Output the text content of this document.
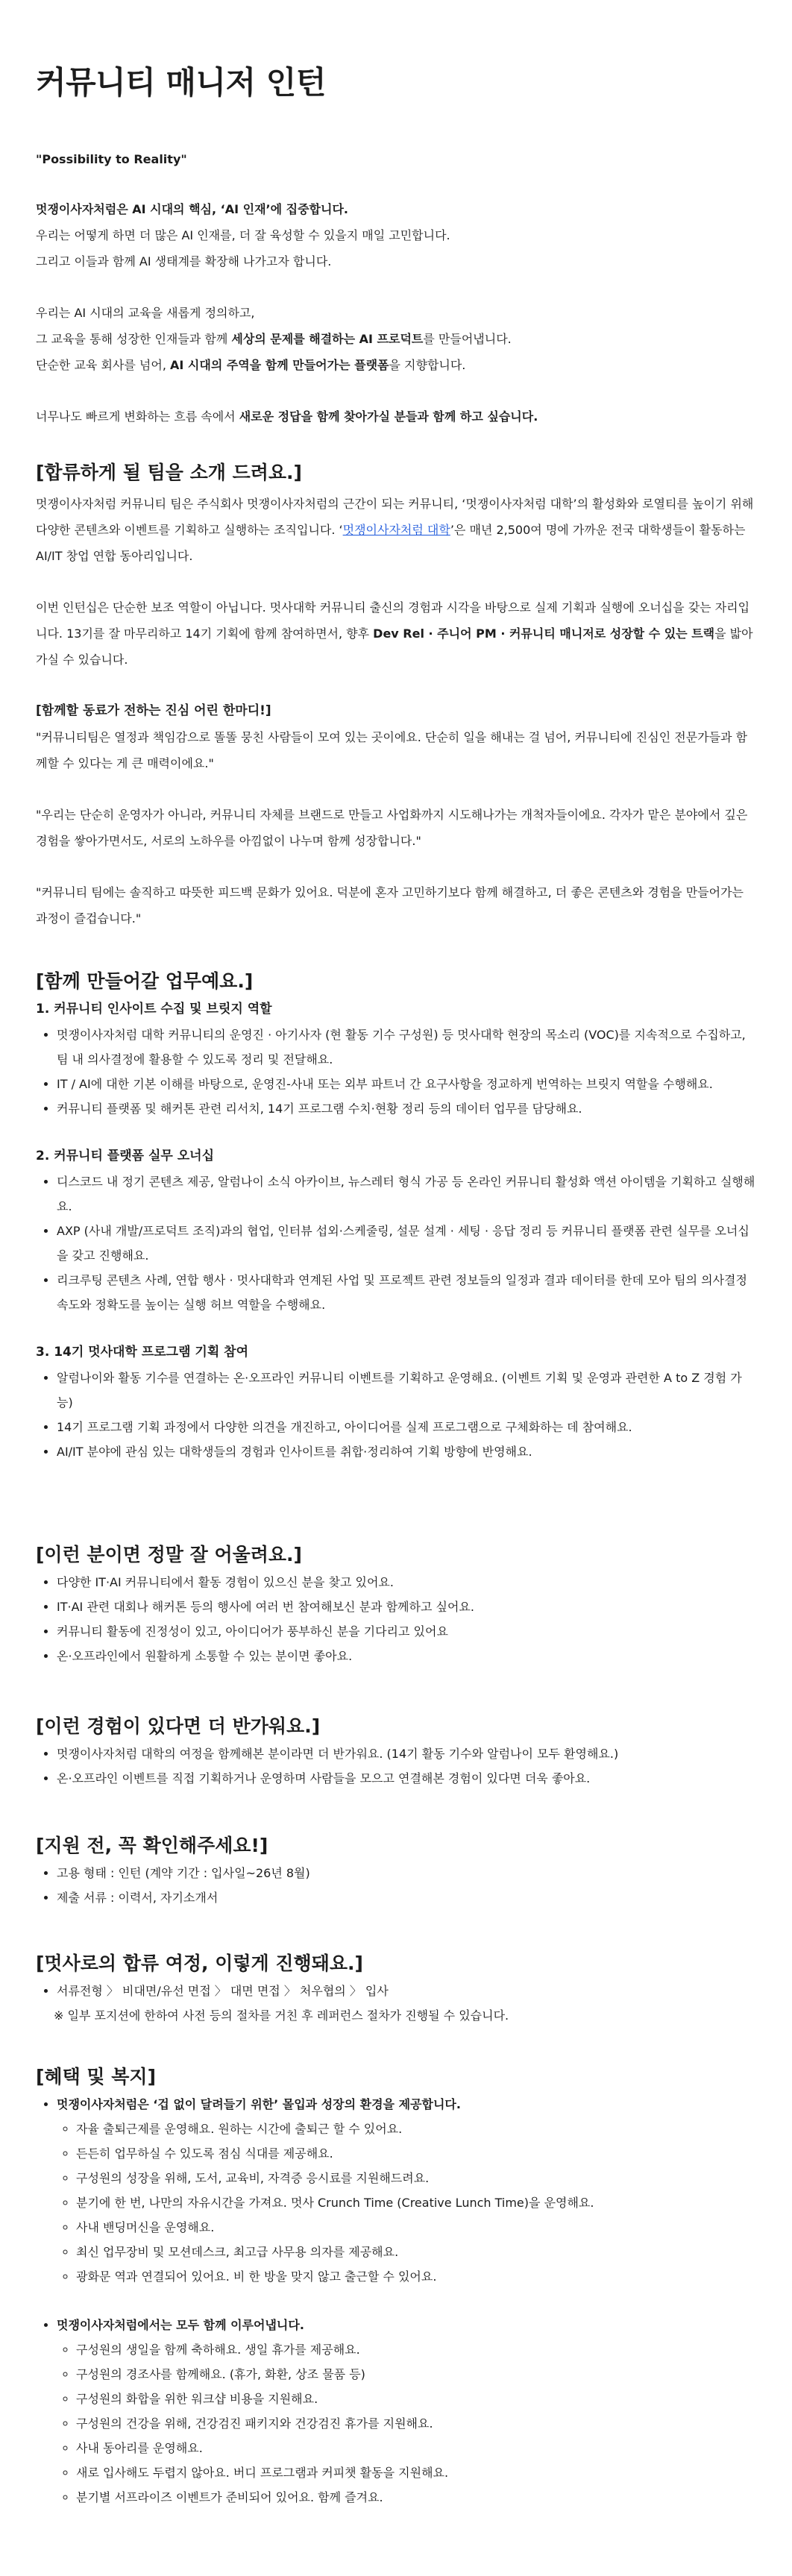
커뮤니티 매니저 인턴

"Possibility to Reality"

멋쟁이사자처럼은 AI 시대의 핵심, ‘AI 인재’에 집중합니다.

우리는 어떻게 하면 더 많은 AI 인재를, 더 잘 육성할 수 있을지 매일 고민합니다.

그리고 이들과 함께 AI 생태계를 확장해 나가고자 합니다.

우리는 AI 시대의 교육을 새롭게 정의하고,

그 교육을 통해 성장한 인재들과 함께 세상의 문제를 해결하는 AI 프로덕트를 만들어냅니다.

단순한 교육 회사를 넘어, AI 시대의 주역을 함께 만들어가는 플랫폼을 지향합니다.

너무나도 빠르게 변화하는 흐름 속에서 새로운 정답을 함께 찾아가실 분들과 함께 하고 싶습니다.

[합류하게 될 팀을 소개 드려요.]

멋쟁이사자처럼 커뮤니티 팀은 주식회사 멋쟁이사자처럼의 근간이 되는 커뮤니티, ‘멋쟁이사자처럼 대학’의 활성화와 로열티를 높이기 위해 다양한 콘텐츠와 이벤트를 기획하고 실행하는 조직입니다. ‘멋쟁이사자처럼 대학’은 매년 2,500여 명에 가까운 전국 대학생들이 활동하는 AI/IT 창업 연합 동아리입니다.

이번 인턴십은 단순한 보조 역할이 아닙니다. 멋사대학 커뮤니티 출신의 경험과 시각을 바탕으로 실제 기획과 실행에 오너십을 갖는 자리입니다. 13기를 잘 마무리하고 14기 기획에 함께 참여하면서, 향후 Dev Rel · 주니어 PM · 커뮤니티 매니저로 성장할 수 있는 트랙을 밟아가실 수 있습니다.

[함께할 동료가 전하는 진심 어린 한마디!]

"커뮤니티팀은 열정과 책임감으로 똘똘 뭉친 사람들이 모여 있는 곳이에요. 단순히 일을 해내는 걸 넘어, 커뮤니티에 진심인 전문가들과 함께할 수 있다는 게 큰 매력이에요."

"우리는 단순히 운영자가 아니라, 커뮤니티 자체를 브랜드로 만들고 사업화까지 시도해나가는 개척자들이에요. 각자가 맡은 분야에서 깊은 경험을 쌓아가면서도, 서로의 노하우를 아낌없이 나누며 함께 성장합니다."

"커뮤니티 팀에는 솔직하고 따뜻한 피드백 문화가 있어요. 덕분에 혼자 고민하기보다 함께 해결하고, 더 좋은 콘텐츠와 경험을 만들어가는 과정이 즐겁습니다."

[함께 만들어갈 업무예요.]

1. 커뮤니티 인사이트 수집 및 브릿지 역할

• 멋쟁이사자처럼 대학 커뮤니티의 운영진 · 아기사자 (현 활동 기수 구성원) 등 멋사대학 현장의 목소리 (VOC)를 지속적으로 수집하고, 팀 내 의사결정에 활용할 수 있도록 정리 및 전달해요.
• IT / AI에 대한 기본 이해를 바탕으로, 운영진-사내 또는 외부 파트너 간 요구사항을 정교하게 번역하는 브릿지 역할을 수행해요.
• 커뮤니티 플랫폼 및 해커톤 관련 리서치, 14기 프로그램 수치·현황 정리 등의 데이터 업무를 담당해요.

2. 커뮤니티 플랫폼 실무 오너십

• 디스코드 내 정기 콘텐츠 제공, 알럼나이 소식 아카이브, 뉴스레터 형식 가공 등 온라인 커뮤니티 활성화 액션 아이템을 기획하고 실행해요.
• AXP (사내 개발/프로덕트 조직)과의 협업, 인터뷰 섭외·스케줄링, 설문 설계 · 세팅 · 응답 정리 등 커뮤니티 플랫폼 관련 실무를 오너십을 갖고 진행해요.
• 리크루팅 콘텐츠 사례, 연합 행사 · 멋사대학과 연계된 사업 및 프로젝트 관련 정보들의 일정과 결과 데이터를 한데 모아 팀의 의사결정 속도와 정확도를 높이는 실행 허브 역할을 수행해요.

3. 14기 멋사대학 프로그램 기획 참여

• 알럼나이와 활동 기수를 연결하는 온·오프라인 커뮤니티 이벤트를 기획하고 운영해요. (이벤트 기획 및 운영과 관련한 A to Z 경험 가능)
• 14기 프로그램 기획 과정에서 다양한 의견을 개진하고, 아이디어를 실제 프로그램으로 구체화하는 데 참여해요.
• AI/IT 분야에 관심 있는 대학생들의 경험과 인사이트를 취합·정리하여 기획 방향에 반영해요.
[이런 분이면 정말 잘 어울려요.]
• 다양한 IT·AI 커뮤니티에서 활동 경험이 있으신 분을 찾고 있어요.
• IT·AI 관련 대회나 해커톤 등의 행사에 여러 번 참여해보신 분과 함께하고 싶어요.
• 커뮤니티 활동에 진정성이 있고, 아이디어가 풍부하신 분을 기다리고 있어요
• 온·오프라인에서 원활하게 소통할 수 있는 분이면 좋아요.
[이런 경험이 있다면 더 반가워요.]
• 멋쟁이사자처럼 대학의 여정을 함께해본 분이라면 더 반가워요. (14기 활동 기수와 알럼나이 모두 환영해요.)
• 온·오프라인 이벤트를 직접 기획하거나 운영하며 사람들을 모으고 연결해본 경험이 있다면 더욱 좋아요.
[지원 전, 꼭 확인해주세요!]
• 고용 형태 : 인턴 (계약 기간 : 입사일~26년 8월)
• 제출 서류 : 이력서, 자기소개서
[멋사로의 합류 여정, 이렇게 진행돼요.]
• 서류전형 〉 비대면/유선 면접 〉 대면 면접 〉 처우협의 〉 입사
※ 일부 포지션에 한하여 사전 등의 절차를 거친 후 레퍼런스 절차가 진행될 수 있습니다.
[혜택 및 복지]
• 멋쟁이사자처럼은 ‘겁 없이 달려들기 위한’ 몰입과 성장의 환경을 제공합니다.
◦ 자율 출퇴근제를 운영해요. 원하는 시간에 출퇴근 할 수 있어요.
◦ 든든히 업무하실 수 있도록 점심 식대를 제공해요.
◦ 구성원의 성장을 위해, 도서, 교육비, 자격증 응시료를 지원해드려요.
◦ 분기에 한 번, 나만의 자유시간을 가져요. 멋사 Crunch Time (Creative Lunch Time)을 운영해요.
◦ 사내 밴딩머신을 운영해요.
◦ 최신 업무장비 및 모션데스크, 최고급 사무용 의자를 제공해요.
◦ 광화문 역과 연결되어 있어요. 비 한 방울 맞지 않고 출근할 수 있어요.
• 멋쟁이사자처럼에서는 모두 함께 이루어냅니다.
◦ 구성원의 생일을 함께 축하해요. 생일 휴가를 제공해요.
◦ 구성원의 경조사를 함께해요. (휴가, 화환, 상조 물품 등)
◦ 구성원의 화합을 위한 워크샵 비용을 지원해요.
◦ 구성원의 건강을 위해, 건강검진 패키지와 건강검진 휴가를 지원해요.
◦ 사내 동아리를 운영해요.
◦ 새로 입사해도 두렵지 않아요. 버디 프로그램과 커피챗 활동을 지원해요.
◦ 분기별 서프라이즈 이벤트가 준비되어 있어요. 함께 즐겨요.
